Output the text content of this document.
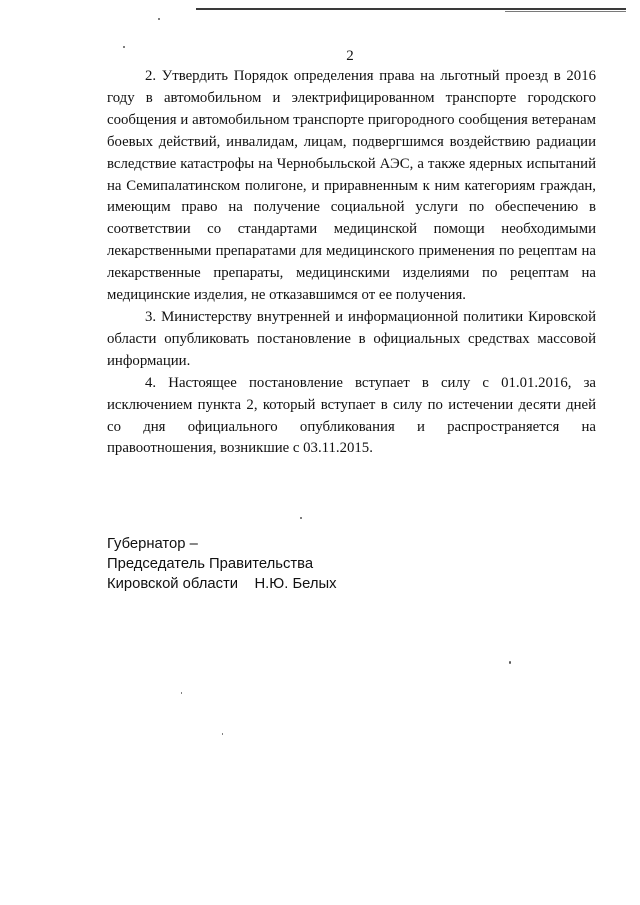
2

2. Утвердить Порядок определения права на льготный проезд в 2016 году в автомобильном и электрифицированном транспорте городского сообщения и автомобильном транспорте пригородного сообщения ветеранам боевых действий, инвалидам, лицам, подвергшимся воздействию радиации вследствие катастрофы на Чернобыльской АЭС, а также ядерных испытаний на Семипалатинском полигоне, и приравненным к ним категориям граждан, имеющим право на получение социальной услуги по обеспечению в соответствии со стандартами медицинской помощи необходимыми лекарственными препаратами для медицинского применения по рецептам на лекарственные препараты, медицинскими изделиями по рецептам на медицинские изделия, не отказавшимся от ее получения.

3. Министерству внутренней и информационной политики Кировской области опубликовать постановление в официальных средствах массовой информации.

4. Настоящее постановление вступает в силу с 01.01.2016, за исключением пункта 2, который вступает в силу по истечении десяти дней со дня официального опубликования и распространяется на правоотношения, возникшие с 03.11.2015.

Губернатор –
Председатель Правительства
Кировской области    Н.Ю. Белых
